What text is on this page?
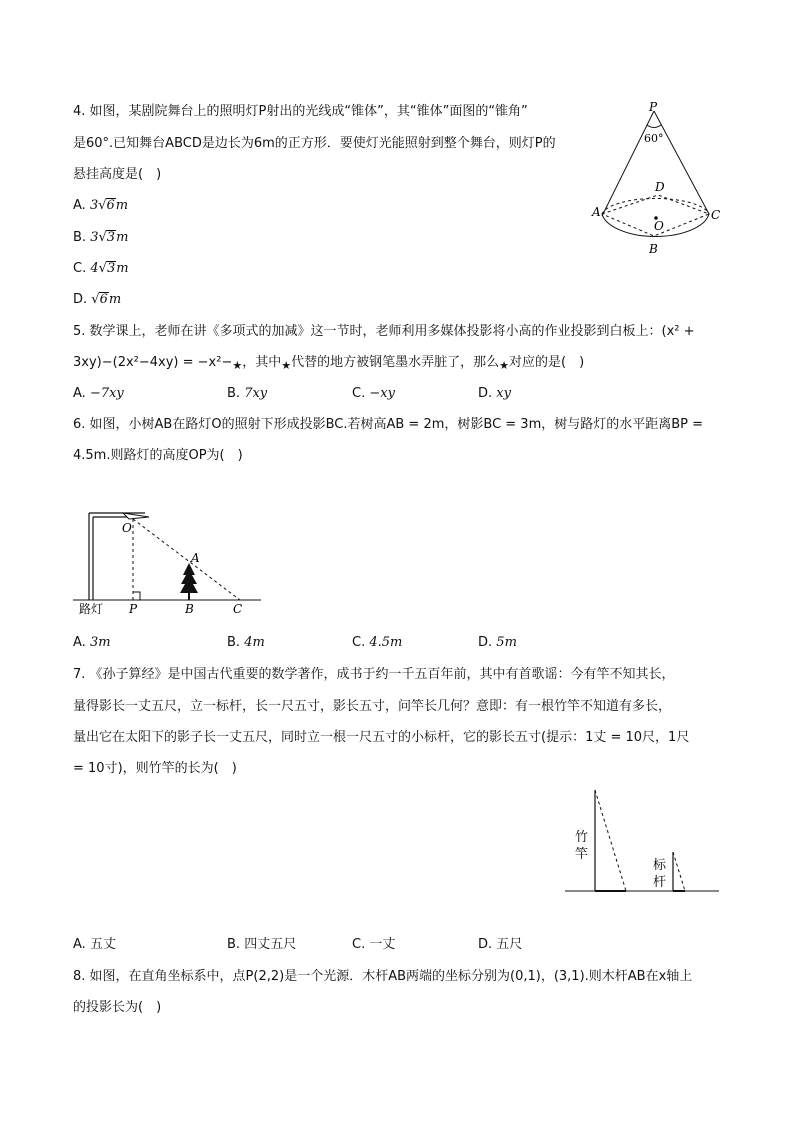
4. 如图，某剧院舞台上的照明灯P射出的光线成“锥体”，其“锥体”面图的“锥角”
是60°.已知舞台ABCD是边长为6m的正方形．要使灯光能照射到整个舞台，则灯P的
悬挂高度是(　)
A. 3√6m
B. 3√3m
C. 4√3m
D. √6m
P
60°
D
A	C
O
B
5. 数学课上，老师在讲《多项式的加减》这一节时，老师利用多媒体投影将小高的作业投影到白板上：(x² +
$3xy)-(2x^2-4xy) = -x^2-_★$，其中$_★$代替的地方被钢笔墨水弄脏了，那么$_★$对应的是(　)
A. −7xy	B. 7xy	C. −xy	D. xy
6. 如图，小树AB在路灯O的照射下形成投影BC.若树高AB = 2m，树影BC = 3m，树与路灯的水平距离BP =
4.5m.则路灯的高度OP为(　)
O
A
P	B	C
路灯
A. 3m	B. 4m	C. 4.5m	D. 5m
7. 《孙子算经》是中国古代重要的数学著作，成书于约一千五百年前，其中有首歌谣：今有竿不知其长，
量得影长一丈五尺，立一标杆，长一尺五寸，影长五寸，问竿长几何？意即：有一根竹竿不知道有多长，
量出它在太阳下的影子长一丈五尺，同时立一根一尺五寸的小标杆，它的影长五寸(提示：1丈 = 10尺，1尺
= 10寸)，则竹竿的长为(　)
竹
竿
标
杆
A. 五丈	B. 四丈五尺	C. 一丈	D. 五尺
8. 如图，在直角坐标系中，点P(2,2)是一个光源．木杆AB两端的坐标分别为(0,1)，(3,1).则木杆AB在x轴上
的投影长为(　)
